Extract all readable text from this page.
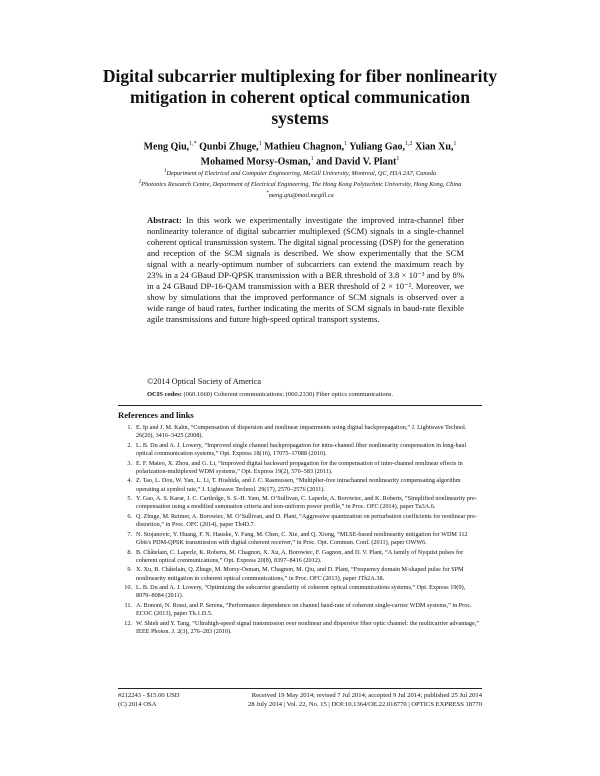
Digital subcarrier multiplexing for fiber nonlinearity mitigation in coherent optical communication systems
Meng Qiu,$^{1,*}$ Qunbi Zhuge,$^1$ Mathieu Chagnon,$^1$ Yuliang Gao,$^{1,2}$ Xian Xu,$^1$
Mohamed Morsy-Osman,$^1$ and David V. Plant$^1$
$^1$Department of Electrical and Computer Engineering, McGill University, Montreal, QC, H3A 2A7, Canada
$^2$Photonics Research Centre, Department of Electrical Engineering, The Hong Kong Polytechnic University, Hong Kong, China
*meng.qiu@mail.mcgill.ca
Abstract: In this work we experimentally investigate the improved intra-channel fiber nonlinearity tolerance of digital subcarrier multiplexed (SCM) signals in a single-channel coherent optical transmission system. The digital signal processing (DSP) for the generation and reception of the SCM signals is described. We show experimentally that the SCM signal with a nearly-optimum number of subcarriers can extend the maximum reach by 23% in a 24 GBaud DP-QPSK transmission with a BER threshold of 3.8 × 10⁻³ and by 8% in a 24 GBaud DP-16-QAM transmission with a BER threshold of 2 × 10⁻². Moreover, we show by simulations that the improved performance of SCM signals is observed over a wide range of baud rates, further indicating the merits of SCM signals in baud-rate flexible agile transmissions and future high-speed optical transport systems.
©2014 Optical Society of America
OCIS codes: (060.1660) Coherent communications; (060.2330) Fiber optics communications.
References and links
1. E. Ip and J. M. Kahn, “Compensation of dispersion and nonlinear impairments using digital backpropagation,” J. Lightwave Technol. 26(20), 3416–3425 (2008).
2. L. B. Du and A. J. Lowery, “Improved single channel backpropagation for intra-channel fiber nonlinearity compensation in long-haul optical communication systems,” Opt. Express 18(16), 17075–17088 (2010).
3. E. F. Mateo, X. Zhou, and G. Li, “Improved digital backward propagation for the compensation of inter-channel nonlinear effects in polarization-multiplexed WDM systems,” Opt. Express 19(2), 570–583 (2011).
4. Z. Tao, L. Dou, W. Yan, L. Li, T. Hoshida, and J. C. Rasmussen, “Multiplier-free intrachannel nonlinearity compensating algorithm operating at symbol rate,” J. Lightwave Technol. 29(17), 2570–2576 (2011).
5. Y. Gao, A. S. Karar, J. C. Cartledge, S. S.-H. Yam, M. O’Sullivan, C. Laperle, A. Borowiec, and K. Roberts, “Simplified nonlinearity pre-compensation using a modified summation criteria and non-uniform power profile,” in Proc. OFC (2014), paper Tu3A.6.
6. Q. Zhuge, M. Reimer, A. Borowiec, M. O’Sullivan, and D. Plant, “Aggressive quantization on perturbation coefficients for nonlinear pre-distortion,” in Proc. OFC (2014), paper Th4D.7.
7. N. Stojanovic, Y. Huang, F. N. Hauske, Y. Fang, M. Chen, C. Xie, and Q. Xiong, “MLSE-based nonlinearity mitigation for WDM 112 Gbit/s PDM-QPSK transmission with digital coherent receiver,” in Proc. Opt. Commun. Conf. (2011), paper OWW6.
8. B. Châtelain, C. Laperle, K. Roberts, M. Chagnon, X. Xu, A. Borowiec, F. Gagnon, and D. V. Plant, “A family of Nyquist pulses for coherent optical communications,” Opt. Express 20(8), 8397–8416 (2012).
9. X. Xu, B. Châtelain, Q. Zhuge, M. Morsy-Osman, M. Chagnon, M. Qiu, and D. Plant, “Frequency domain M-shaped pulse for SPM nonlinearity mitigation in coherent optical communications,” in Proc. OFC (2013), paper JTh2A.38.
10. L. B. Du and A. J. Lowery, “Optimizing the subcarrier granularity of coherent optical communications systems,” Opt. Express 19(9), 8079–8084 (2011).
11. A. Bononi, N. Rossi, and P. Serena, “Performance dependence on channel baud-rate of coherent single-carrier WDM systems,” in Proc. ECOC (2013), paper Th.1.D.5.
12. W. Shieh and Y. Tang, “Ultrahigh-speed signal transmission over nonlinear and dispersive fiber optic channel: the multicarrier advantage,” IEEE Photon. J. 2(3), 276–283 (2010).
#212243 - $15.00 USD	Received 19 May 2014; revised 7 Jul 2014; accepted 9 Jul 2014; published 25 Jul 2014
(C) 2014 OSA	28 July 2014 | Vol. 22, No. 15 | DOI:10.1364/OE.22.018770 | OPTICS EXPRESS 18770
